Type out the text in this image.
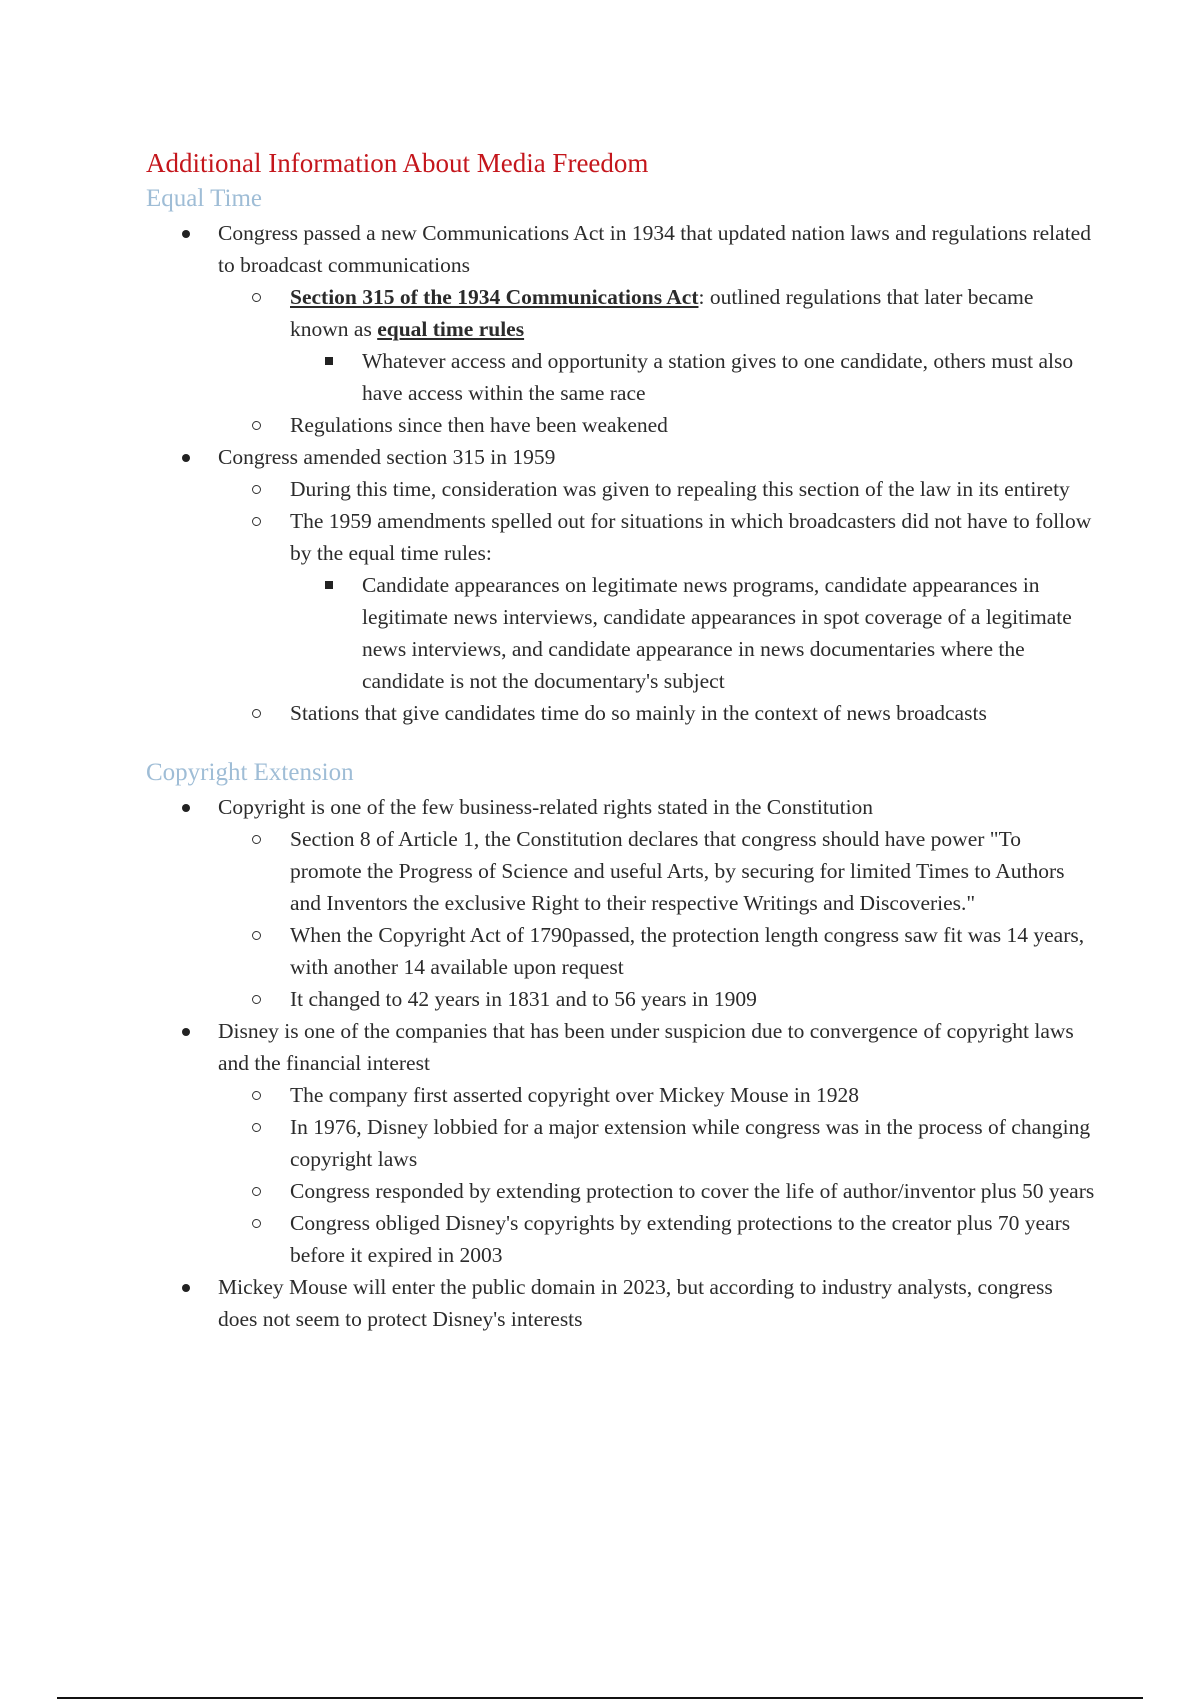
Additional Information About Media Freedom
Equal Time
Congress passed a new Communications Act in 1934 that updated nation laws and regulations related to broadcast communications
Section 315 of the 1934 Communications Act: outlined regulations that later became known as equal time rules
Whatever access and opportunity a station gives to one candidate, others must also have access within the same race
Regulations since then have been weakened
Congress amended section 315 in 1959
During this time, consideration was given to repealing this section of the law in its entirety
The 1959 amendments spelled out for situations in which broadcasters did not have to follow by the equal time rules:
Candidate appearances on legitimate news programs, candidate appearances in legitimate news interviews, candidate appearances in spot coverage of a legitimate news interviews, and candidate appearance in news documentaries where the candidate is not the documentary's subject
Stations that give candidates time do so mainly in the context of news broadcasts
Copyright Extension
Copyright is one of the few business-related rights stated in the Constitution
Section 8 of Article 1, the Constitution declares that congress should have power "To promote the Progress of Science and useful Arts, by securing for limited Times to Authors and Inventors the exclusive Right to their respective Writings and Discoveries."
When the Copyright Act of 1790passed, the protection length congress saw fit was 14 years, with another 14 available upon request
It changed to 42 years in 1831 and to 56 years in 1909
Disney is one of the companies that has been under suspicion due to convergence of copyright laws and the financial interest
The company first asserted copyright over Mickey Mouse in 1928
In 1976, Disney lobbied for a major extension while congress was in the process of changing copyright laws
Congress responded by extending protection to cover the life of author/inventor plus 50 years
Congress obliged Disney's copyrights by extending protections to the creator plus 70 years before it expired in 2003
Mickey Mouse will enter the public domain in 2023, but according to industry analysts, congress does not seem to protect Disney's interests
